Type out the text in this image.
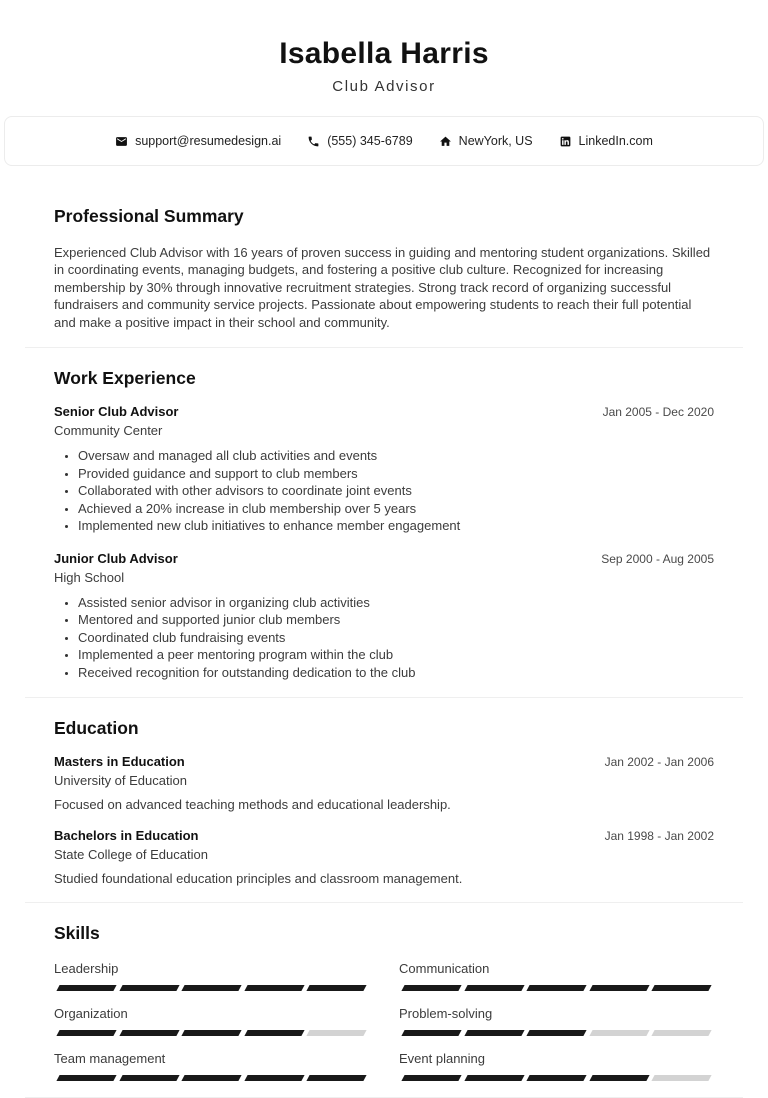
Isabella Harris
Club Advisor
support@resumedesign.ai	(555) 345-6789	NewYork, US	LinkedIn.com
Professional Summary

Experienced Club Advisor with 16 years of proven success in guiding and mentoring student organizations. Skilled in coordinating events, managing budgets, and fostering a positive club culture. Recognized for increasing membership by 30% through innovative recruitment strategies. Strong track record of organizing successful fundraisers and community service projects. Passionate about empowering students to reach their full potential and make a positive impact in their school and community.

Work Experience
Senior Club Advisor	Jan 2005 - Dec 2020
Community Center
• Oversaw and managed all club activities and events
• Provided guidance and support to club members
• Collaborated with other advisors to coordinate joint events
• Achieved a 20% increase in club membership over 5 years
• Implemented new club initiatives to enhance member engagement
Junior Club Advisor	Sep 2000 - Aug 2005
High School
• Assisted senior advisor in organizing club activities
• Mentored and supported junior club members
• Coordinated club fundraising events
• Implemented a peer mentoring program within the club
• Received recognition for outstanding dedication to the club
Education
Masters in Education	Jan 2002 - Jan 2006
University of Education

Focused on advanced teaching methods and educational leadership.

Bachelors in Education	Jan 1998 - Jan 2002
State College of Education

Studied foundational education principles and classroom management.

Skills
Leadership	Communication
Organization	Problem-solving
Team management	Event planning
